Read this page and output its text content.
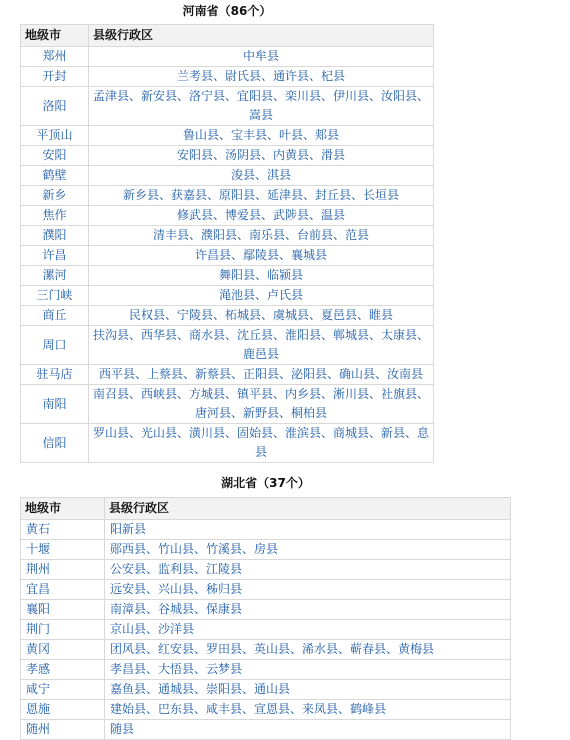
河南省（86个）
地级市	县级行政区
郑州	中牟县
开封	兰考县、尉氏县、通许县、杞县
洛阳	孟津县、新安县、洛宁县、宜阳县、栾川县、伊川县、汝阳县、嵩县
平顶山	鲁山县、宝丰县、叶县、郏县
安阳	安阳县、汤阴县、内黄县、滑县
鹤壁	浚县、淇县
新乡	新乡县、获嘉县、原阳县、延津县、封丘县、长垣县
焦作	修武县、博爱县、武陟县、温县
濮阳	清丰县、濮阳县、南乐县、台前县、范县
许昌	许昌县、鄢陵县、襄城县
漯河	舞阳县、临颍县
三门峡	渑池县、卢氏县
商丘	民权县、宁陵县、柘城县、虞城县、夏邑县、睢县
周口	扶沟县、西华县、商水县、沈丘县、淮阳县、郸城县、太康县、鹿邑县
驻马店	西平县、上蔡县、新蔡县、正阳县、泌阳县、确山县、汝南县
南阳	南召县、西峡县、方城县、镇平县、内乡县、淅川县、社旗县、唐河县、新野县、桐柏县
信阳	罗山县、光山县、潢川县、固始县、淮滨县、商城县、新县、息县
湖北省（37个）
地级市	县级行政区
黄石	阳新县
十堰	郧西县、竹山县、竹溪县、房县
荆州	公安县、监利县、江陵县
宜昌	远安县、兴山县、秭归县
襄阳	南漳县、谷城县、保康县
荆门	京山县、沙洋县
黄冈	团风县、红安县、罗田县、英山县、浠水县、蕲春县、黄梅县
孝感	孝昌县、大悟县、云梦县
咸宁	嘉鱼县、通城县、崇阳县、通山县
恩施	建始县、巴东县、咸丰县、宣恩县、来凤县、鹤峰县
随州	随县
